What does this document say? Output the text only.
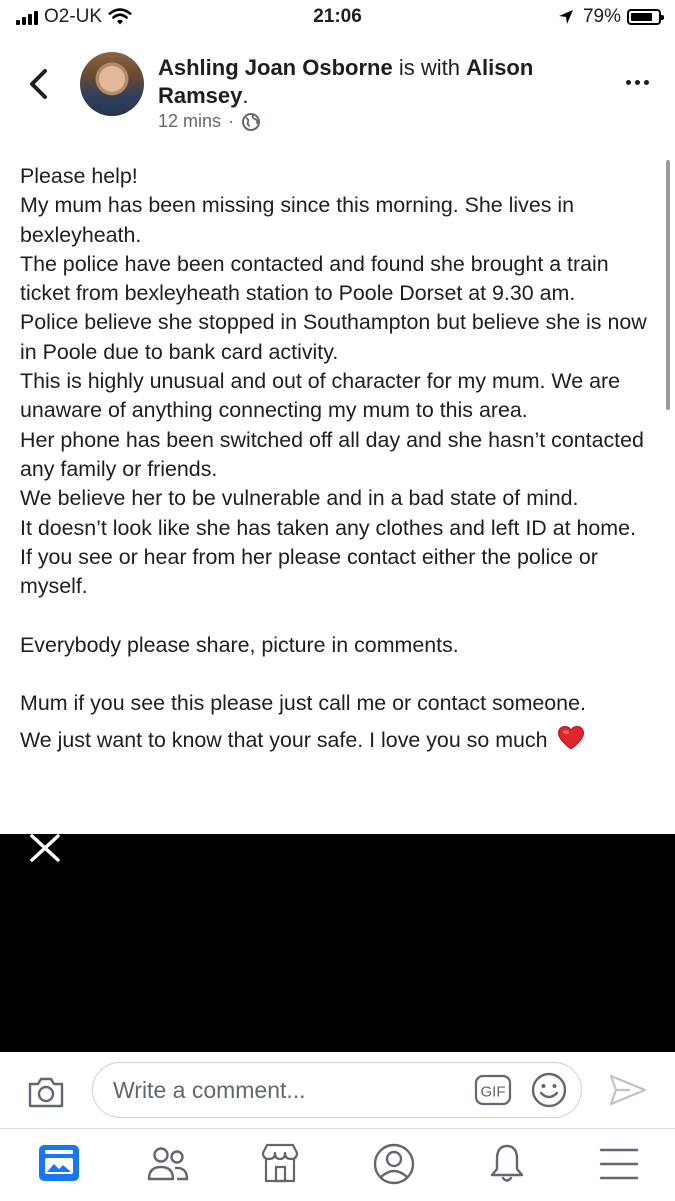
O2-UK	21:06	79%
Ashling Joan Osborne is with Alison Ramsey.
12 mins ·

Please help!

My mum has been missing since this morning. She lives in bexleyheath.

The police have been contacted and found she brought a train ticket from bexleyheath station to Poole Dorset at 9.30 am.

Police believe she stopped in Southampton but believe she is now in Poole due to bank card activity.

This is highly unusual and out of character for my mum. We are unaware of anything connecting my mum to this area.

Her phone has been switched off all day and she hasn’t contacted any family or friends.

We believe her to be vulnerable and in a bad state of mind.

It doesn’t look like she has taken any clothes and left ID at home.

If you see or hear from her please contact either the police or myself.

Everybody please share, picture in comments.

Mum if you see this please just call me or contact someone.

We just want to know that your safe. I love you so much

Write a comment...	GIF
